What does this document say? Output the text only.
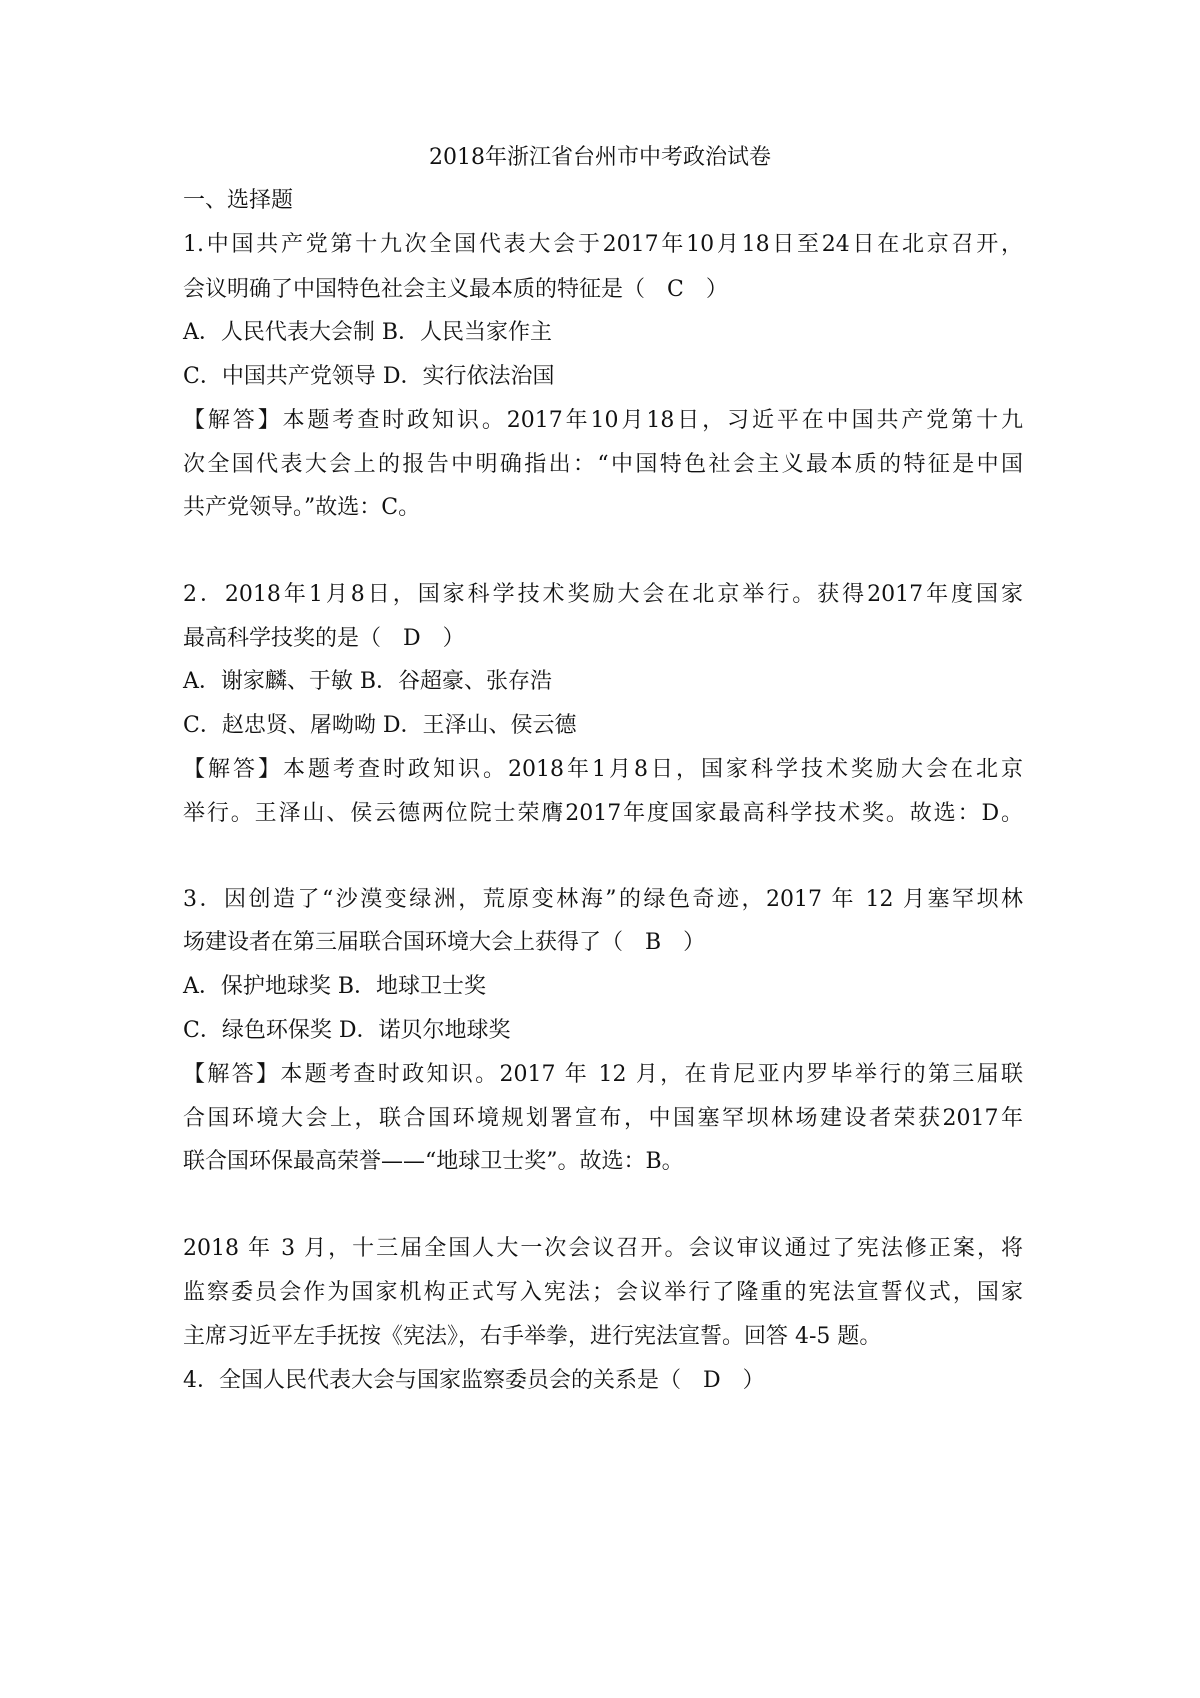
2018年浙江省台州市中考政治试卷
一、选择题
1.中国共产党第十九次全国代表大会于2017年10月18日至24日在北京召开，
会议明确了中国特色社会主义最本质的特征是（　C　）
A．人民代表大会制 B．人民当家作主
C．中国共产党领导 D．实行依法治国
【解答】本题考查时政知识。2017年10月18日，习近平在中国共产党第十九
次全国代表大会上的报告中明确指出：“中国特色社会主义最本质的特征是中国
共产党领导。”故选：C。
2．2018年1月8日，国家科学技术奖励大会在北京举行。获得2017年度国家
最高科学技奖的是（　D　）
A．谢家麟、于敏 B．谷超豪、张存浩
C．赵忠贤、屠呦呦 D．王泽山、侯云德
【解答】本题考查时政知识。2018年1月8日，国家科学技术奖励大会在北京
举行。王泽山、侯云德两位院士荣膺2017年度国家最高科学技术奖。故选：D。
3．因创造了“沙漠变绿洲，荒原变林海”的绿色奇迹，2017 年 12 月塞罕坝林
场建设者在第三届联合国环境大会上获得了（　B　）
A．保护地球奖 B．地球卫士奖
C．绿色环保奖 D．诺贝尔地球奖
【解答】本题考查时政知识。2017 年 12 月，在肯尼亚内罗毕举行的第三届联
合国环境大会上，联合国环境规划署宣布，中国塞罕坝林场建设者荣获2017年
联合国环保最高荣誉——“地球卫士奖”。故选：B。
2018 年 3 月，十三届全国人大一次会议召开。会议审议通过了宪法修正案，将
监察委员会作为国家机构正式写入宪法；会议举行了隆重的宪法宣誓仪式，国家
主席习近平左手抚按《宪法》，右手举拳，进行宪法宣誓。回答 4-5 题。
4．全国人民代表大会与国家监察委员会的关系是（　D　）
